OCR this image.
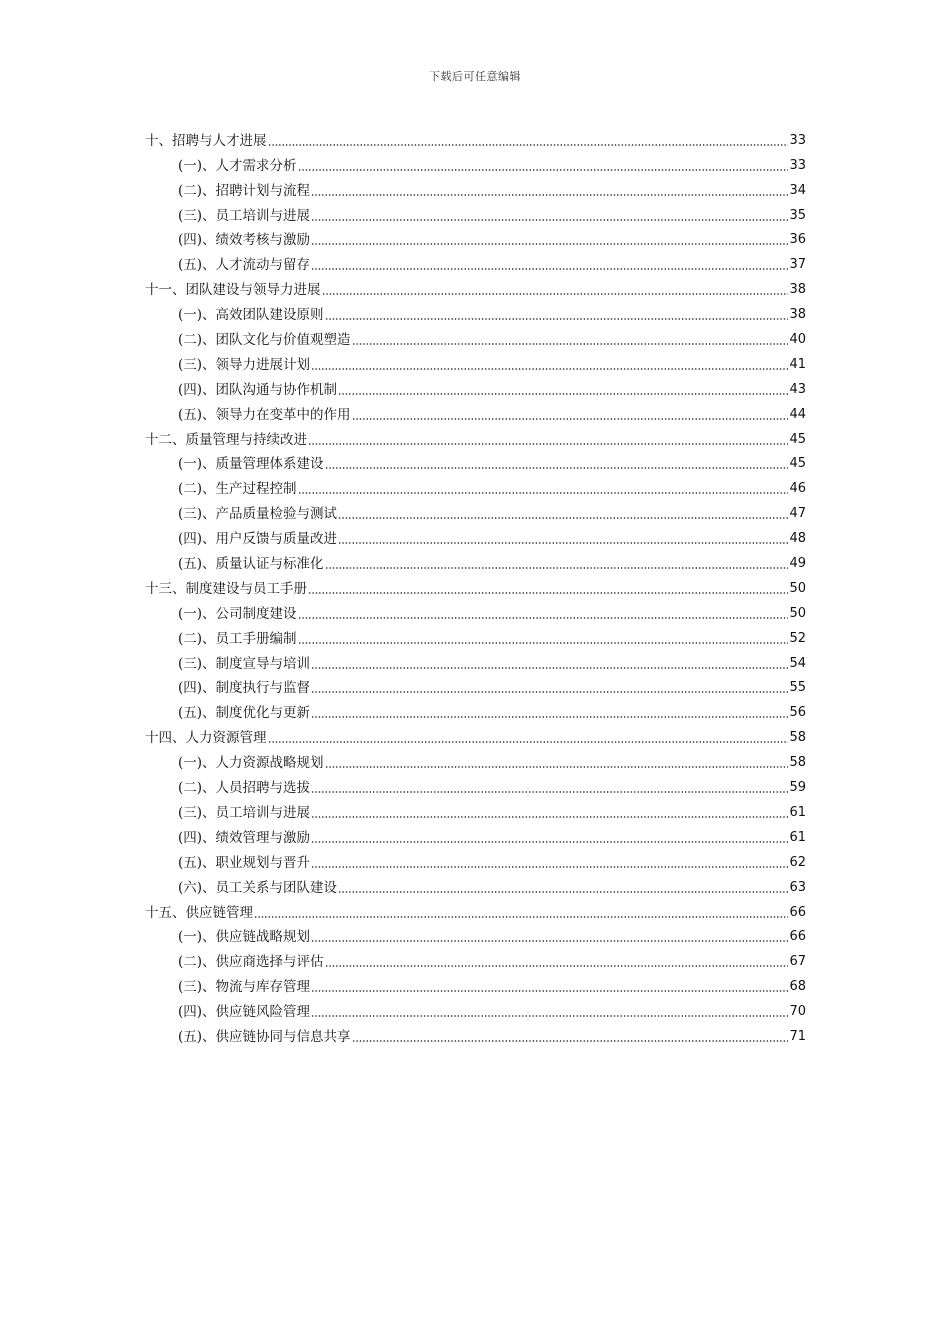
下载后可任意编辑
十、招聘与人才进展	33
(一)、人才需求分析	33
(二)、招聘计划与流程	34
(三)、员工培训与进展	35
(四)、绩效考核与激励	36
(五)、人才流动与留存	37
十一、团队建设与领导力进展	38
(一)、高效团队建设原则	38
(二)、团队文化与价值观塑造	40
(三)、领导力进展计划	41
(四)、团队沟通与协作机制	43
(五)、领导力在变革中的作用	44
十二、质量管理与持续改进	45
(一)、质量管理体系建设	45
(二)、生产过程控制	46
(三)、产品质量检验与测试	47
(四)、用户反馈与质量改进	48
(五)、质量认证与标准化	49
十三、制度建设与员工手册	50
(一)、公司制度建设	50
(二)、员工手册编制	52
(三)、制度宣导与培训	54
(四)、制度执行与监督	55
(五)、制度优化与更新	56
十四、人力资源管理	58
(一)、人力资源战略规划	58
(二)、人员招聘与选拔	59
(三)、员工培训与进展	61
(四)、绩效管理与激励	61
(五)、职业规划与晋升	62
(六)、员工关系与团队建设	63
十五、供应链管理	66
(一)、供应链战略规划	66
(二)、供应商选择与评估	67
(三)、物流与库存管理	68
(四)、供应链风险管理	70
(五)、供应链协同与信息共享	71
